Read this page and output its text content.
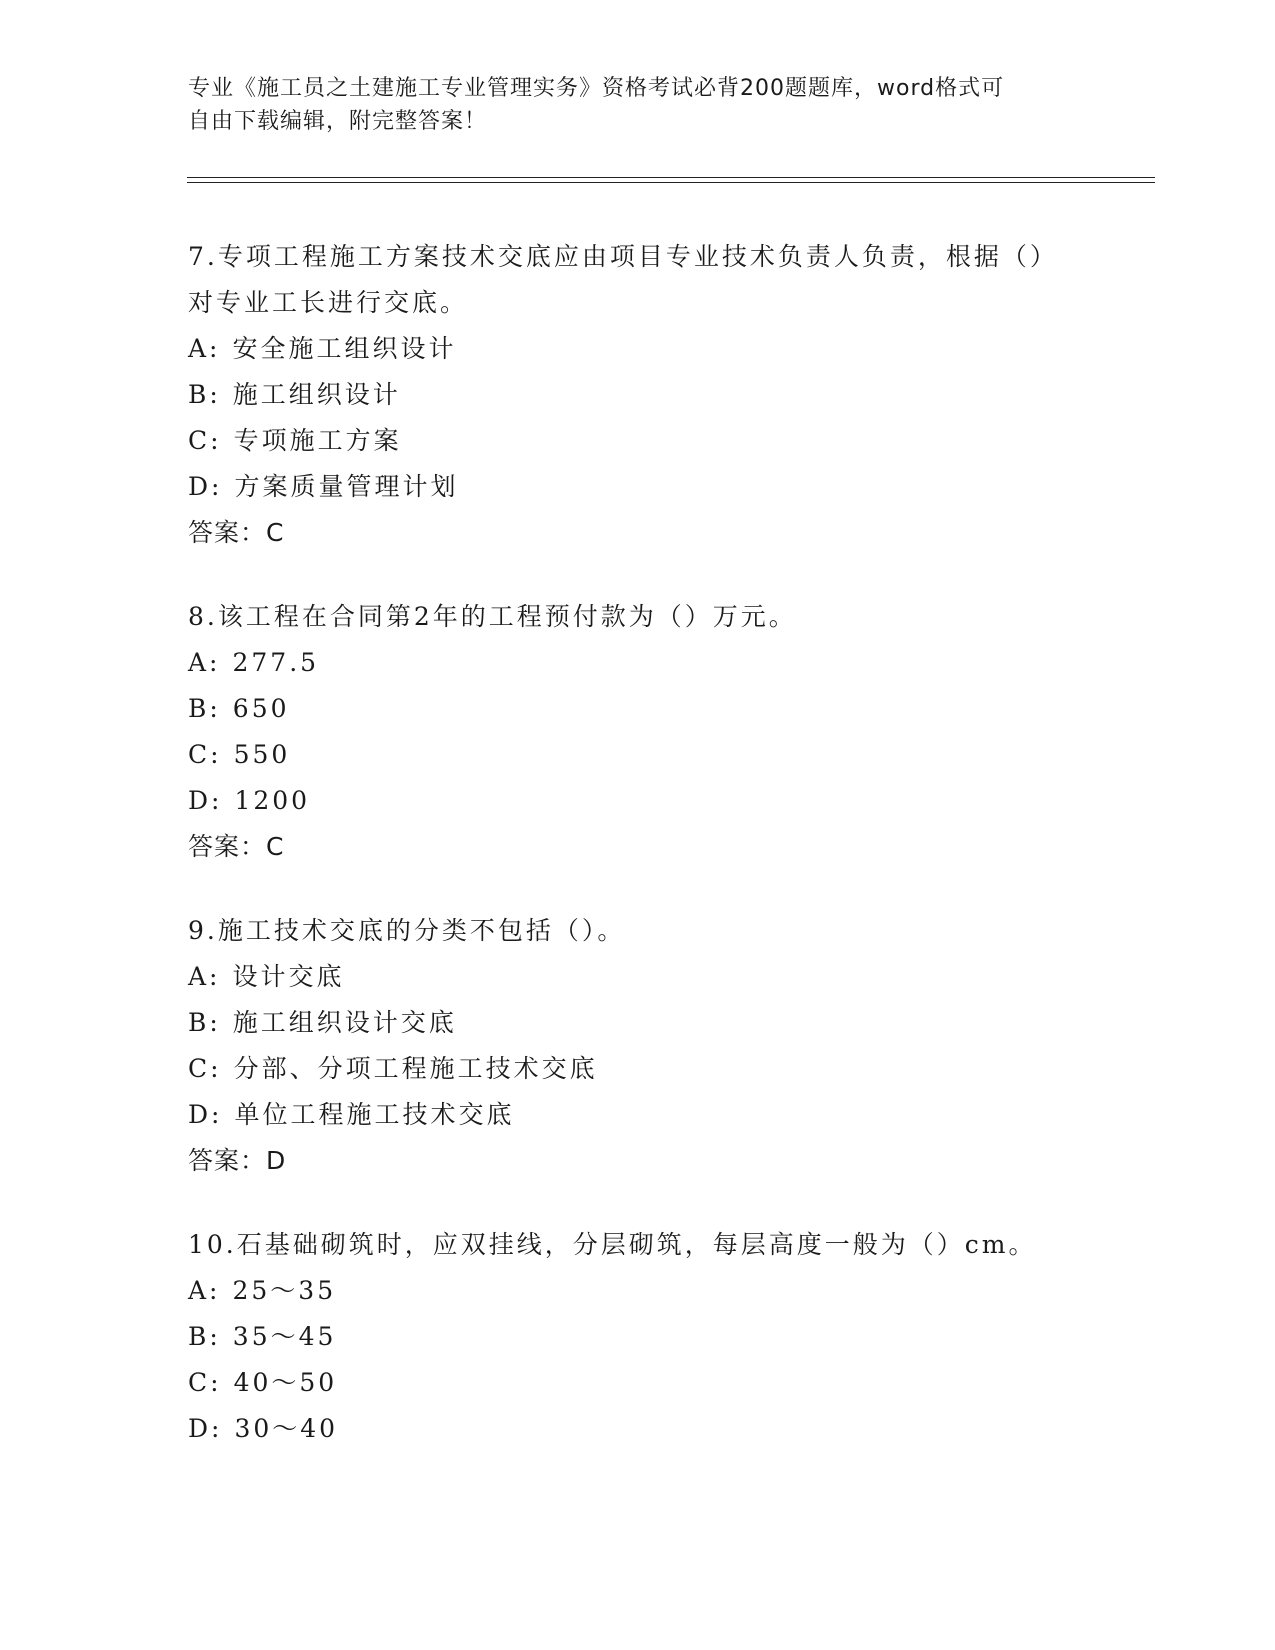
专业《施工员之土建施工专业管理实务》资格考试必背200题题库，word格式可
自由下载编辑，附完整答案！
7.专项工程施工方案技术交底应由项目专业技术负责人负责，根据（）对专业工长进行交底。
A: 安全施工组织设计
B: 施工组织设计
C: 专项施工方案
D: 方案质量管理计划
答案：C
8.该工程在合同第2年的工程预付款为（）万元。
A: 277.5
B: 650
C: 550
D: 1200
答案：C
9.施工技术交底的分类不包括（）。
A: 设计交底
B: 施工组织设计交底
C: 分部、分项工程施工技术交底
D: 单位工程施工技术交底
答案：D
10.石基础砌筑时，应双挂线，分层砌筑，每层高度一般为（）cm。
A: 25～35
B: 35～45
C: 40～50
D: 30～40
